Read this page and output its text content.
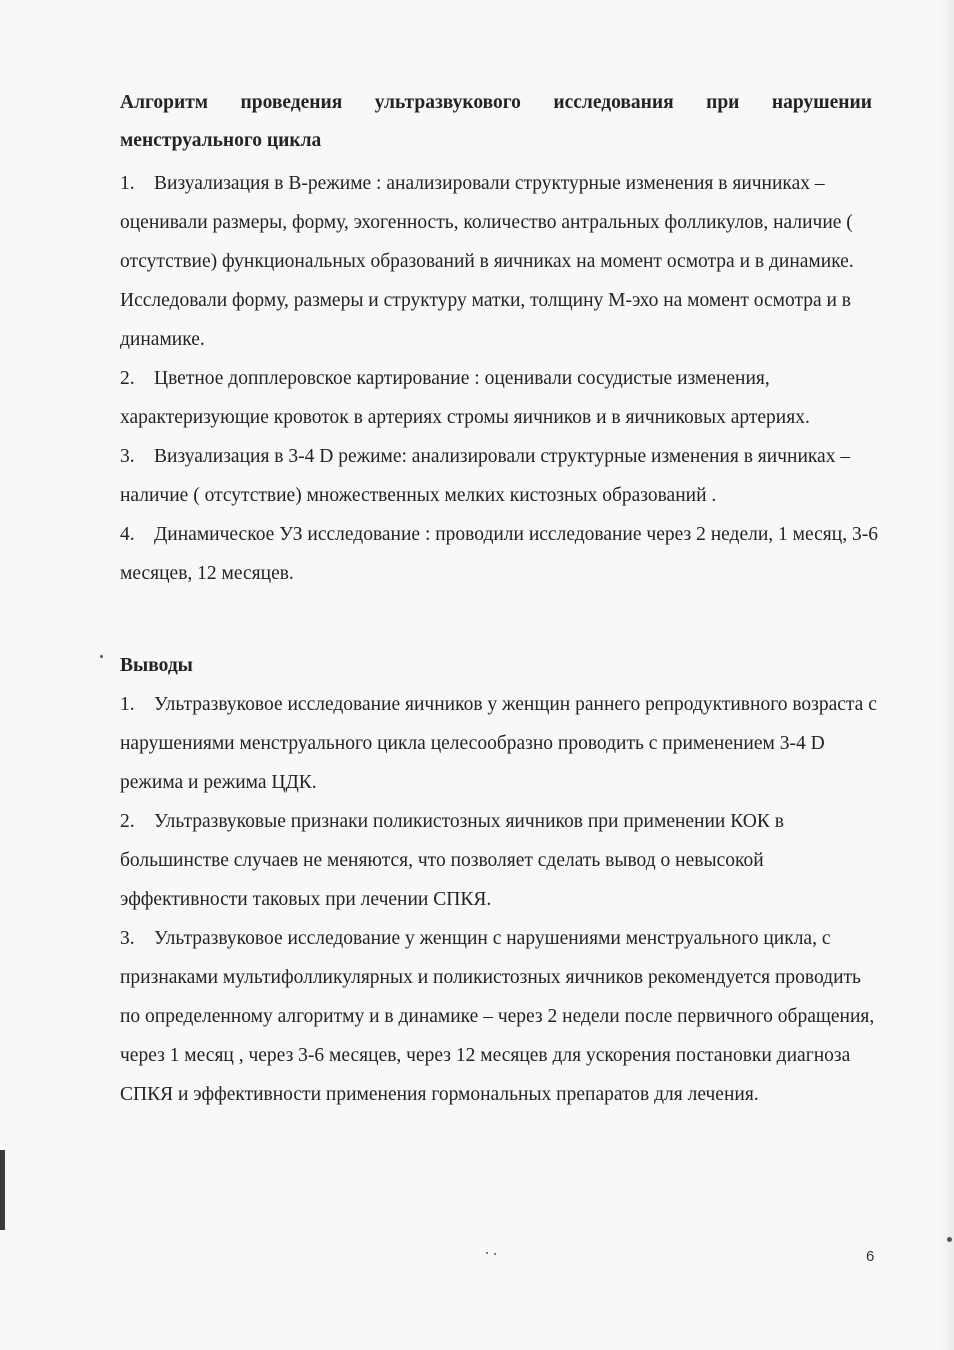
Алгоритм проведения ультразвукового исследования при нарушении
менструального цикла
1. Визуализация в В-режиме : анализировали структурные изменения в яичниках – оценивали размеры, форму, эхогенность, количество антральных фолликулов, наличие ( отсутствие) функциональных образований в яичниках на момент осмотра и в динамике. Исследовали форму, размеры и структуру матки, толщину М-эхо на момент осмотра и в динамике.
2. Цветное допплеровское картирование : оценивали сосудистые изменения, характеризующие кровоток в артериях стромы яичников и в яичниковых артериях.
3. Визуализация в 3-4 D режиме: анализировали структурные изменения в яичниках – наличие ( отсутствие) множественных мелких кистозных образований .
4. Динамическое УЗ исследование : проводили исследование через 2 недели, 1 месяц, 3-6 месяцев, 12 месяцев.
Выводы
1. Ультразвуковое исследование яичников у женщин раннего репродуктивного возраста с нарушениями менструального цикла целесообразно проводить с применением 3-4 D режима и режима ЦДК.
2. Ультразвуковые признаки поликистозных яичников при применении КОК в большинстве случаев не меняются, что позволяет сделать вывод о невысокой эффективности таковых при лечении СПКЯ.
3. Ультразвуковое исследование у женщин с нарушениями менструального цикла, с признаками мультифолликулярных и поликистозных яичников рекомендуется проводить по определенному алгоритму и в динамике – через 2 недели после первичного обращения, через 1 месяц , через 3-6 месяцев, через 12 месяцев для ускорения постановки диагноза СПКЯ и эффективности применения гормональных препаратов для лечения.
6
